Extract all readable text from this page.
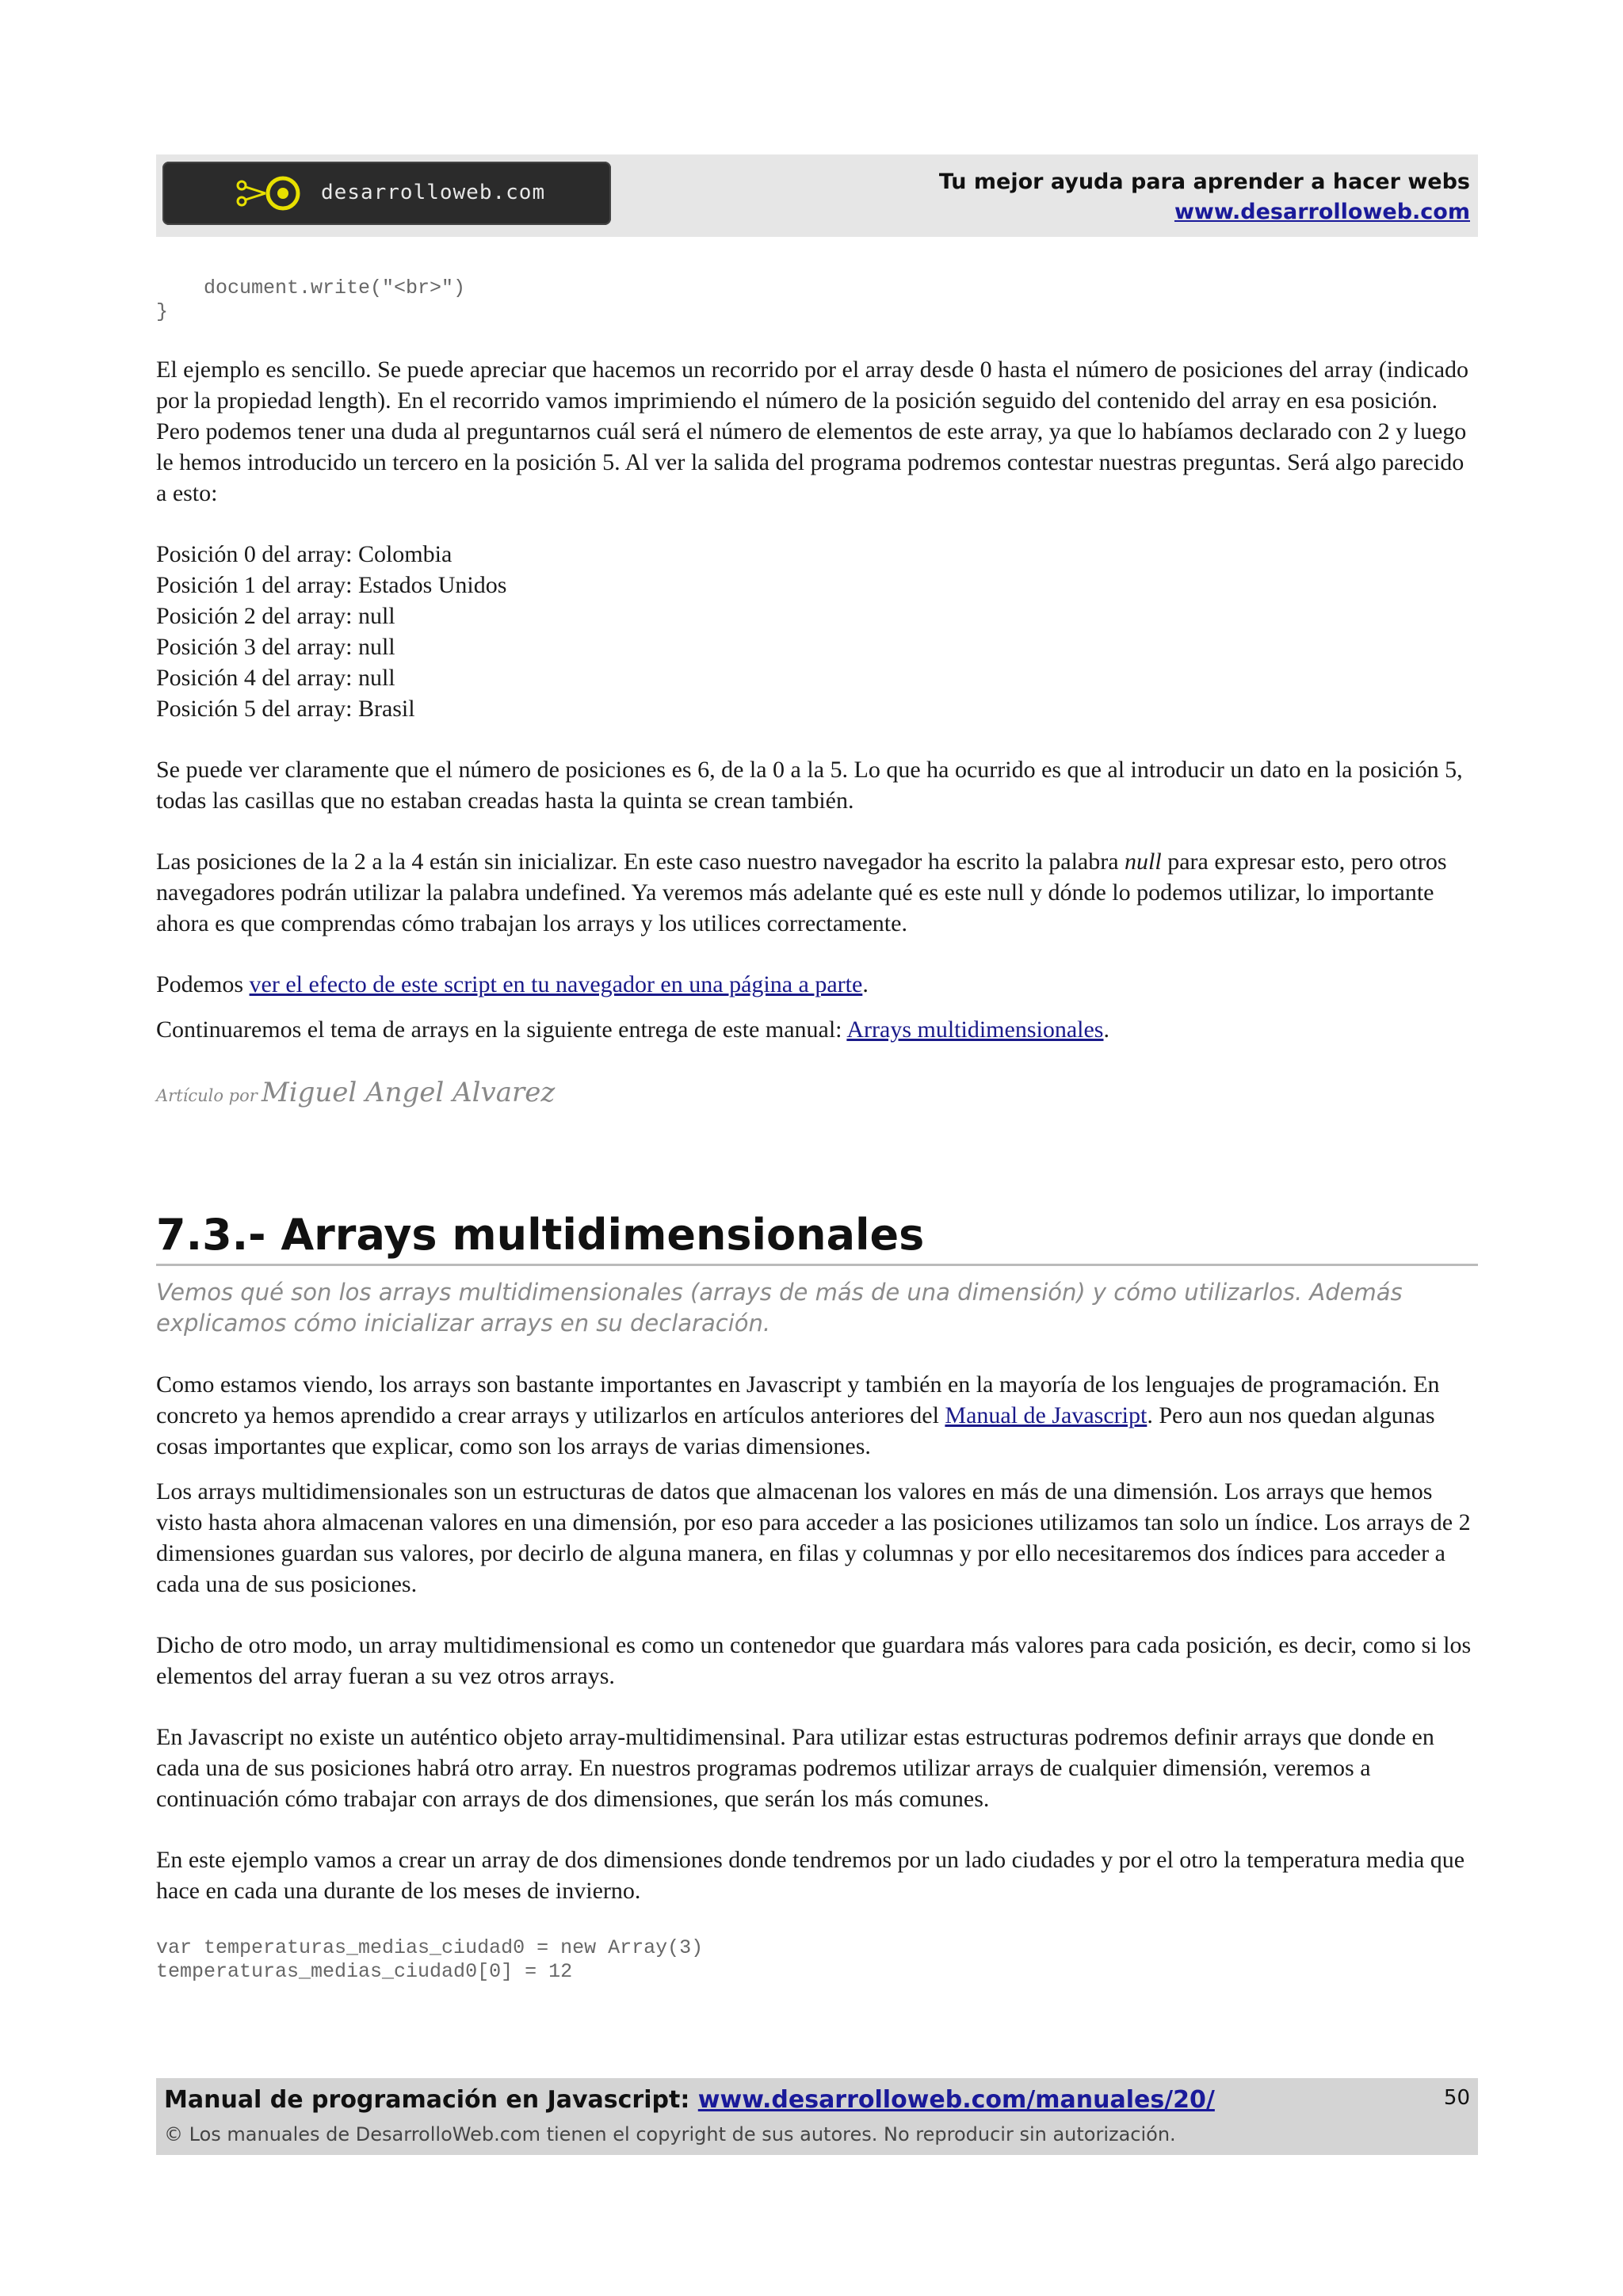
desarrolloweb.com	Tu mejor ayuda para aprender a hacer webs
www.desarrolloweb.com
document.write("<br>")
}

El ejemplo es sencillo. Se puede apreciar que hacemos un recorrido por el array desde 0 hasta el número de posiciones del array (indicado por la propiedad length). En el recorrido vamos imprimiendo el número de la posición seguido del contenido del array en esa posición. Pero podemos tener una duda al preguntarnos cuál será el número de elementos de este array, ya que lo habíamos declarado con 2 y luego le hemos introducido un tercero en la posición 5. Al ver la salida del programa podremos contestar nuestras preguntas. Será algo parecido a esto:

Posición 0 del array: Colombia
Posición 1 del array: Estados Unidos
Posición 2 del array: null
Posición 3 del array: null
Posición 4 del array: null
Posición 5 del array: Brasil

Se puede ver claramente que el número de posiciones es 6, de la 0 a la 5. Lo que ha ocurrido es que al introducir un dato en la posición 5, todas las casillas que no estaban creadas hasta la quinta se crean también.

Las posiciones de la 2 a la 4 están sin inicializar. En este caso nuestro navegador ha escrito la palabra null para expresar esto, pero otros navegadores podrán utilizar la palabra undefined. Ya veremos más adelante qué es este null y dónde lo podemos utilizar, lo importante ahora es que comprendas cómo trabajan los arrays y los utilices correctamente.

Podemos ver el efecto de este script en tu navegador en una página a parte.

Continuaremos el tema de arrays en la siguiente entrega de este manual: Arrays multidimensionales.

Artículo por Miguel Angel Alvarez
7.3.- Arrays multidimensionales
Vemos qué son los arrays multidimensionales (arrays de más de una dimensión) y cómo utilizarlos. Además explicamos cómo inicializar arrays en su declaración.

Como estamos viendo, los arrays son bastante importantes en Javascript y también en la mayoría de los lenguajes de programación. En concreto ya hemos aprendido a crear arrays y utilizarlos en artículos anteriores del Manual de Javascript. Pero aun nos quedan algunas cosas importantes que explicar, como son los arrays de varias dimensiones.

Los arrays multidimensionales son un estructuras de datos que almacenan los valores en más de una dimensión. Los arrays que hemos visto hasta ahora almacenan valores en una dimensión, por eso para acceder a las posiciones utilizamos tan solo un índice. Los arrays de 2 dimensiones guardan sus valores, por decirlo de alguna manera, en filas y columnas y por ello necesitaremos dos índices para acceder a cada una de sus posiciones.

Dicho de otro modo, un array multidimensional es como un contenedor que guardara más valores para cada posición, es decir, como si los elementos del array fueran a su vez otros arrays.

En Javascript no existe un auténtico objeto array-multidimensinal. Para utilizar estas estructuras podremos definir arrays que donde en cada una de sus posiciones habrá otro array. En nuestros programas podremos utilizar arrays de cualquier dimensión, veremos a continuación cómo trabajar con arrays de dos dimensiones, que serán los más comunes.

En este ejemplo vamos a crear un array de dos dimensiones donde tendremos por un lado ciudades y por el otro la temperatura media que hace en cada una durante de los meses de invierno.

var temperaturas_medias_ciudad0 = new Array(3)
temperaturas_medias_ciudad0[0] = 12
Manual de programación en Javascript: www.desarrolloweb.com/manuales/20/
© Los manuales de DesarrolloWeb.com tienen el copyright de sus autores. No reproducir sin autorización.
50
